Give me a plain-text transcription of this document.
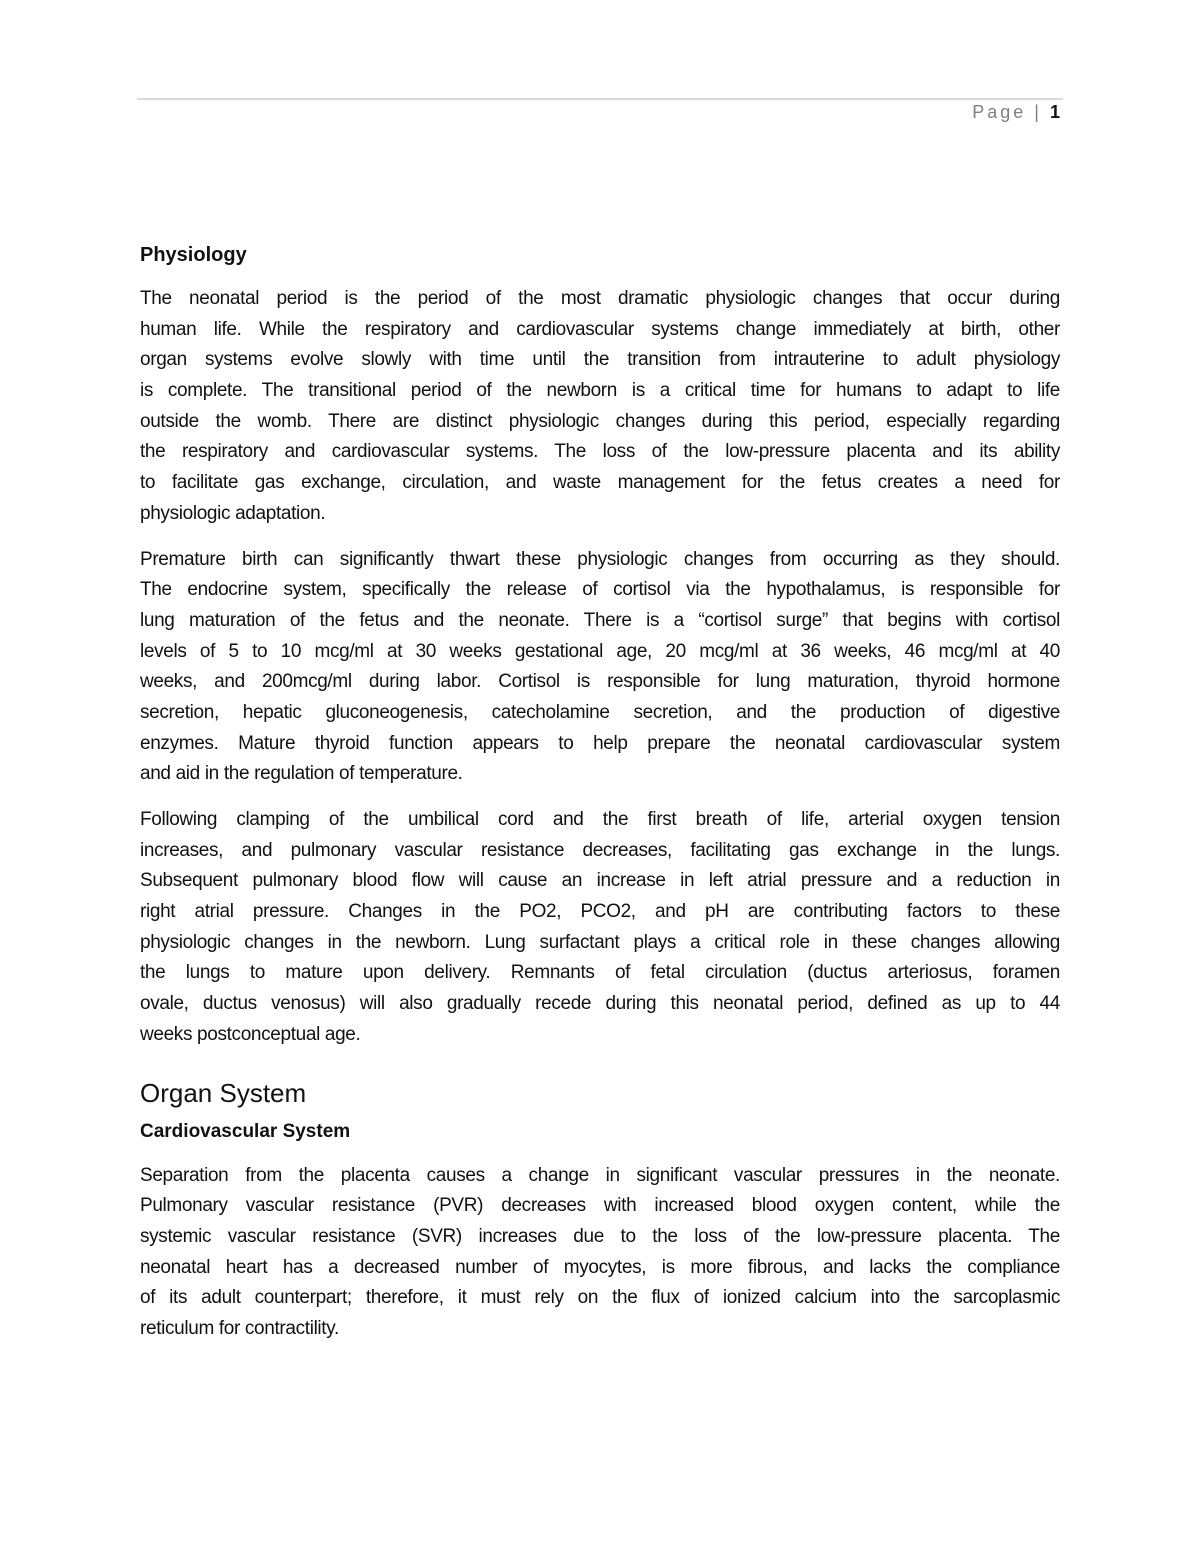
Page | 1
Physiology
The neonatal period is the period of the most dramatic physiologic changes that occur during
human life. While the respiratory and cardiovascular systems change immediately at birth, other
organ systems evolve slowly with time until the transition from intrauterine to adult physiology
is complete. The transitional period of the newborn is a critical time for humans to adapt to life
outside the womb. There are distinct physiologic changes during this period, especially regarding
the respiratory and cardiovascular systems. The loss of the low-pressure placenta and its ability
to facilitate gas exchange, circulation, and waste management for the fetus creates a need for
physiologic adaptation.
Premature birth can significantly thwart these physiologic changes from occurring as they should.
The endocrine system, specifically the release of cortisol via the hypothalamus, is responsible for
lung maturation of the fetus and the neonate. There is a “cortisol surge” that begins with cortisol
levels of 5 to 10 mcg/ml at 30 weeks gestational age, 20 mcg/ml at 36 weeks, 46 mcg/ml at 40
weeks, and 200mcg/ml during labor. Cortisol is responsible for lung maturation, thyroid hormone
secretion, hepatic gluconeogenesis, catecholamine secretion, and the production of digestive
enzymes. Mature thyroid function appears to help prepare the neonatal cardiovascular system
and aid in the regulation of temperature.
Following clamping of the umbilical cord and the first breath of life, arterial oxygen tension
increases, and pulmonary vascular resistance decreases, facilitating gas exchange in the lungs.
Subsequent pulmonary blood flow will cause an increase in left atrial pressure and a reduction in
right atrial pressure. Changes in the PO2, PCO2, and pH are contributing factors to these
physiologic changes in the newborn. Lung surfactant plays a critical role in these changes allowing
the lungs to mature upon delivery. Remnants of fetal circulation (ductus arteriosus, foramen
ovale, ductus venosus) will also gradually recede during this neonatal period, defined as up to 44
weeks postconceptual age.
Organ System
Cardiovascular System
Separation from the placenta causes a change in significant vascular pressures in the neonate.
Pulmonary vascular resistance (PVR) decreases with increased blood oxygen content, while the
systemic vascular resistance (SVR) increases due to the loss of the low-pressure placenta. The
neonatal heart has a decreased number of myocytes, is more fibrous, and lacks the compliance
of its adult counterpart; therefore, it must rely on the flux of ionized calcium into the sarcoplasmic
reticulum for contractility.
